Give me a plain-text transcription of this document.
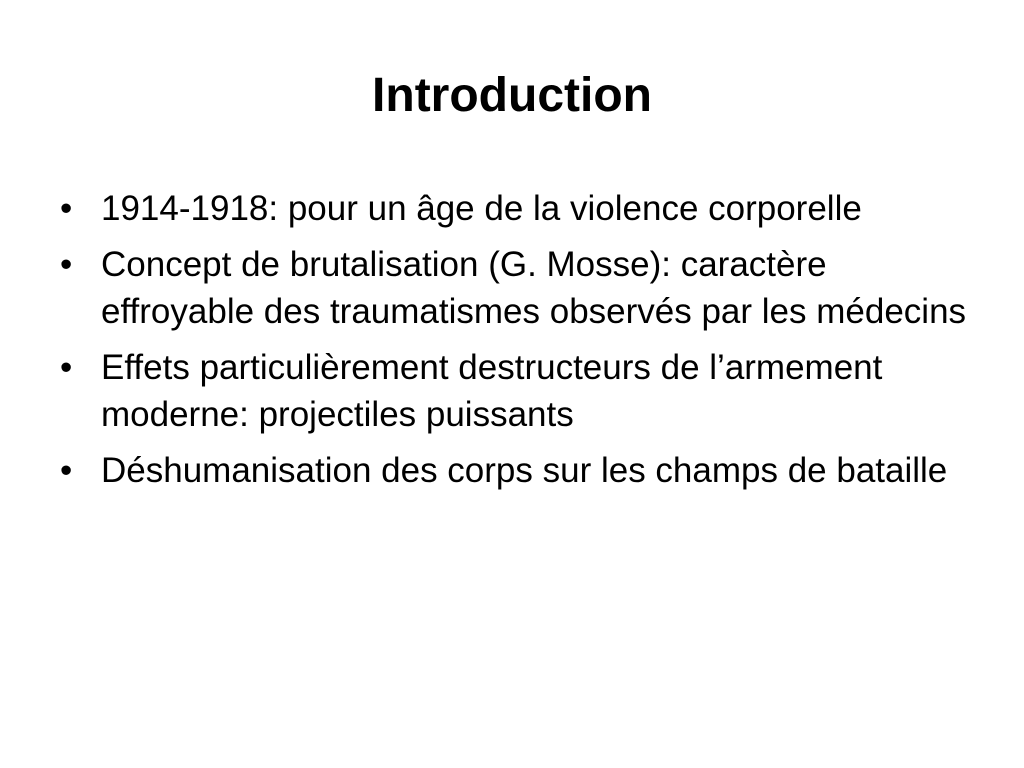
Introduction
• 1914-1918: pour un âge de la violence corporelle
• Concept de brutalisation (G. Mosse): caractère effroyable des traumatismes observés par les médecins
• Effets particulièrement destructeurs de l’armement moderne: projectiles puissants
• Déshumanisation des corps sur les champs de bataille
